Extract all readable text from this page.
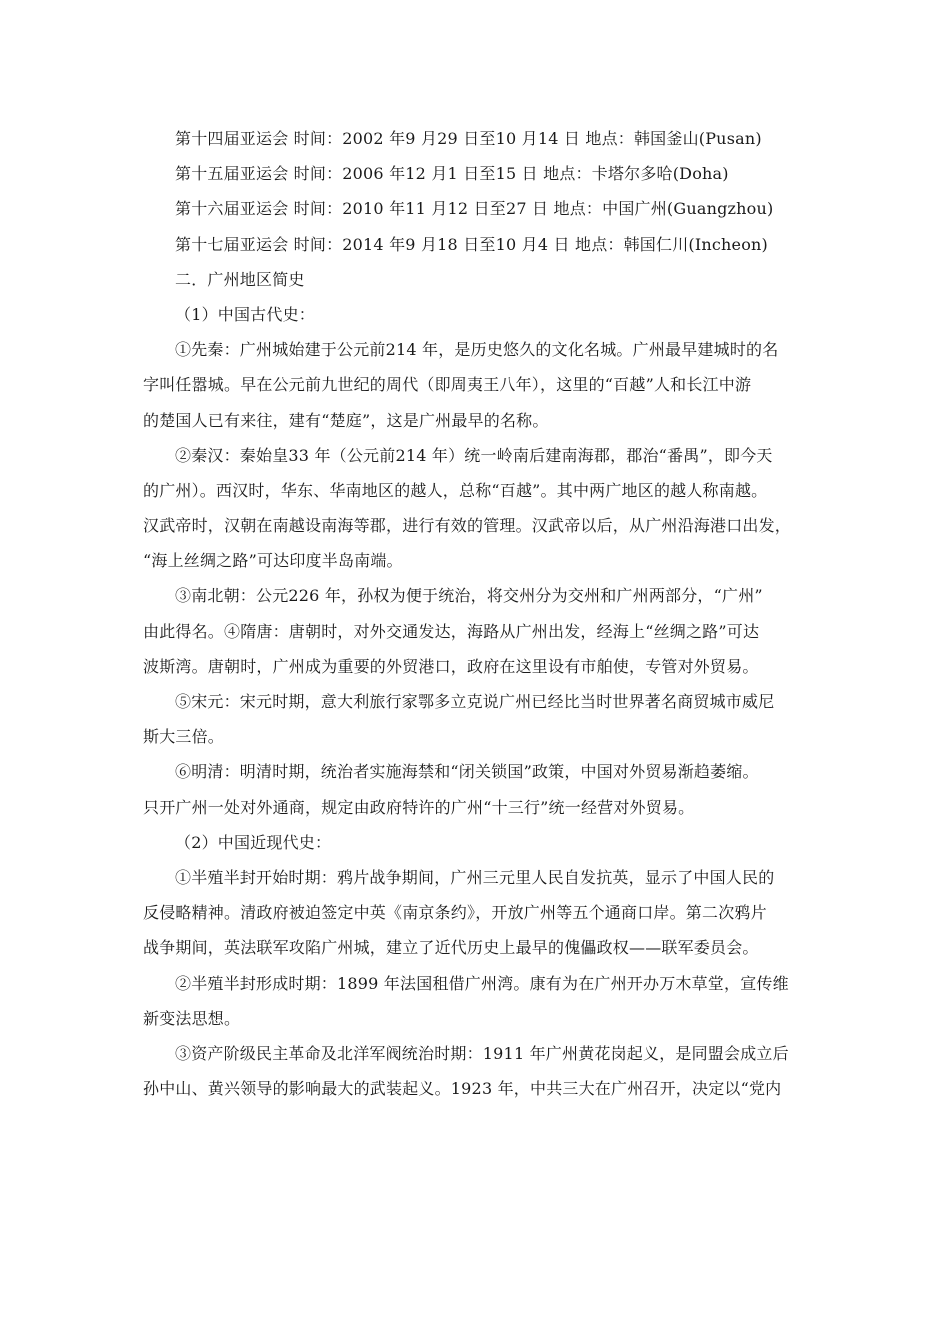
第十四届亚运会 时间：2002 年9 月29 日至10 月14 日 地点：韩国釜山(Pusan)
第十五届亚运会 时间：2006 年12 月1 日至15 日 地点：卡塔尔多哈(Doha)
第十六届亚运会 时间：2010 年11 月12 日至27 日 地点：中国广州(Guangzhou)
第十七届亚运会 时间：2014 年9 月18 日至10 月4 日 地点：韩国仁川(Incheon)
二．广州地区简史
（1）中国古代史：
①先秦：广州城始建于公元前214 年，是历史悠久的文化名城。广州最早建城时的名
字叫任嚣城。早在公元前九世纪的周代（即周夷王八年），这里的“百越”人和长江中游
的楚国人已有来往，建有“楚庭”，这是广州最早的名称。
②秦汉：秦始皇33 年（公元前214 年）统一岭南后建南海郡，郡治“番禺”，即今天
的广州）。西汉时，华东、华南地区的越人，总称“百越”。其中两广地区的越人称南越。
汉武帝时，汉朝在南越设南海等郡，进行有效的管理。汉武帝以后，从广州沿海港口出发，
“海上丝绸之路”可达印度半岛南端。
③南北朝：公元226 年，孙权为便于统治，将交州分为交州和广州两部分，“广州”
由此得名。④隋唐：唐朝时，对外交通发达，海路从广州出发，经海上“丝绸之路”可达
波斯湾。唐朝时，广州成为重要的外贸港口，政府在这里设有市舶使，专管对外贸易。
⑤宋元：宋元时期，意大利旅行家鄂多立克说广州已经比当时世界著名商贸城市威尼
斯大三倍。
⑥明清：明清时期，统治者实施海禁和“闭关锁国”政策，中国对外贸易渐趋萎缩。
只开广州一处对外通商，规定由政府特许的广州“十三行”统一经营对外贸易。
（2）中国近现代史：
①半殖半封开始时期：鸦片战争期间，广州三元里人民自发抗英，显示了中国人民的
反侵略精神。清政府被迫签定中英《南京条约》，开放广州等五个通商口岸。第二次鸦片
战争期间，英法联军攻陷广州城，建立了近代历史上最早的傀儡政权——联军委员会。
②半殖半封形成时期：1899 年法国租借广州湾。康有为在广州开办万木草堂，宣传维
新变法思想。
③资产阶级民主革命及北洋军阀统治时期：1911 年广州黄花岗起义，是同盟会成立后
孙中山、黄兴领导的影响最大的武装起义。1923 年，中共三大在广州召开，决定以“党内
